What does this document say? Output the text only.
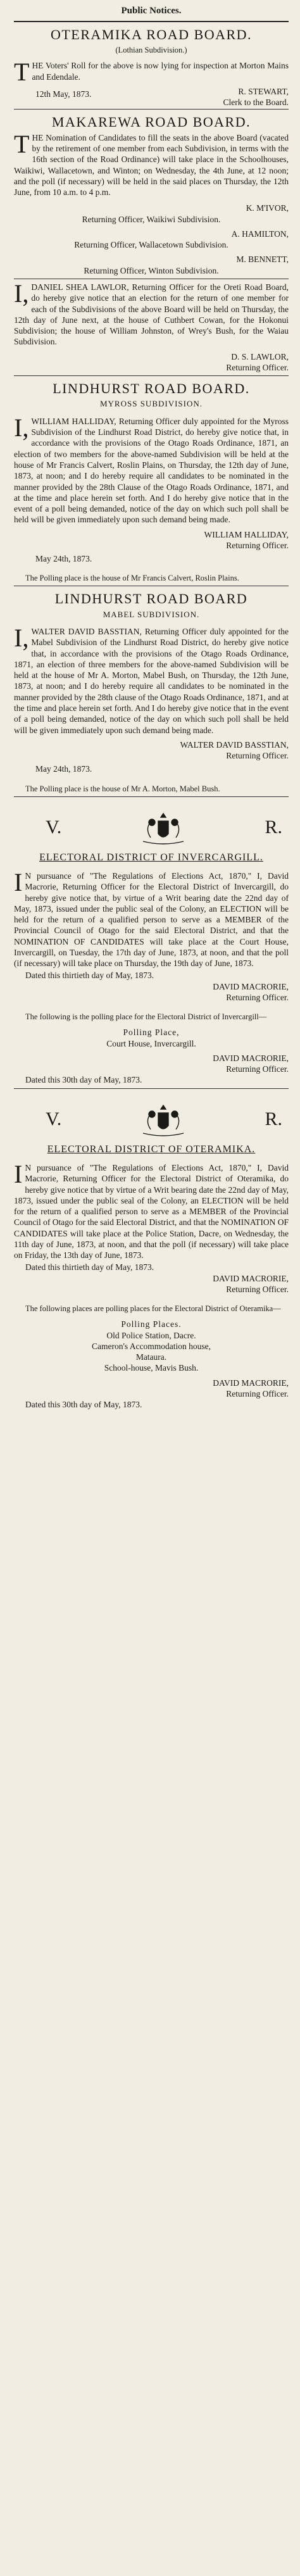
Public Notices.
OTERAMIKA ROAD BOARD.
(Lothian Subdivision.)

THE Voters' Roll for the above is now lying for inspection at Morton Mains and Edendale.

R. STEWART,
Clerk to the Board.
12th May, 1873.
MAKAREWA ROAD BOARD.

THE Nomination of Candidates to fill the seats in the above Board (vacated by the retirement of one member from each Subdivision, in terms with the 16th section of the Road Ordinance) will take place in the Schoolhouses, Waikiwi, Wallacetown, and Winton; on Wednesday, the 4th June, at 12 noon; and the poll (if necessary) will be held in the said places on Thursday, the 12th June, from 10 a.m. to 4 p.m.

K. M'IVOR,
Returning Officer, Waikiwi Subdivision.
A. HAMILTON,
Returning Officer, Wallacetown Subdivision.
M. BENNETT,
Returning Officer, Winton Subdivision.

I, DANIEL SHEA LAWLOR, Returning Officer for the Oreti Road Board, do hereby give notice that an election for the return of one member for each of the Subdivisions of the above Board will be held on Thursday, the 12th day of June next, at the house of Cuthbert Cowan, for the Hokonui Subdivision; the house of William Johnston, of Wrey's Bush, for the Waiau Subdivision.

D. S. LAWLOR,
Returning Officer.
LINDHURST ROAD BOARD.
MYROSS SUBDIVISION.

I, WILLIAM HALLIDAY, Returning Officer duly appointed for the Myross Subdivision of the Lindhurst Road District, do hereby give notice that, in accordance with the provisions of the Otago Roads Ordinance, 1871, an election of two members for the above-named Subdivision will be held at the house of Mr Francis Calvert, Roslin Plains, on Thursday, the 12th day of June, 1873, at noon; and I do hereby require all candidates to be nominated in the manner provided by the 28th Clause of the Otago Roads Ordinance, 1871, and at the time and place herein set forth. And I do hereby give notice that in the event of a poll being demanded, notice of the day on which such poll shall be held will be given immediately upon such demand being made.

WILLIAM HALLIDAY,
Returning Officer.
May 24th, 1873.

The Polling place is the house of Mr Francis Calvert, Roslin Plains.

LINDHURST ROAD BOARD
MABEL SUBDIVISION.

I, WALTER DAVID BASSTIAN, Returning Officer duly appointed for the Mabel Subdivision of the Lindhurst Road District, do hereby give notice that, in accordance with the provisions of the Otago Roads Ordinance, 1871, an election of three members for the above-named Subdivision will be held at the house of Mr A. Morton, Mabel Bush, on Thursday, the 12th June, 1873, at noon; and I do hereby require all candidates to be nominated in the manner provided by the 28th clause of the Otago Roads Ordinance, 1871, and at the time and place herein set forth. And I do hereby give notice that in the event of a poll being demanded, notice of the day on which such poll shall be held will be given immediately upon such demand being made.

WALTER DAVID BASSTIAN,
Returning Officer.
May 24th, 1873.

The Polling place is the house of Mr A. Morton, Mabel Bush.

V.	R.
ELECTORAL DISTRICT OF INVERCARGILL.

I N pursuance of "The Regulations of Elections Act, 1870," I, David Macrorie, Returning Officer for the Electoral District of Invercargill, do hereby give notice that, by virtue of a Writ bearing date the 22nd day of May, 1873, issued under the public seal of the Colony, an ELECTION will be held for the return of a qualified person to serve as a MEMBER of the Provincial Council of Otago for the said Electoral District, and that the NOMINATION OF CANDIDATES will take place at the Court House, Invercargill, on Tuesday, the 17th day of June, 1873, at noon, and that the poll (if necessary) will take place on Thursday, the 19th day of June, 1873.

Dated this thirtieth day of May, 1873.
DAVID MACRORIE,
Returning Officer.

The following is the polling place for the Electoral District of Invercargill—

Polling Place,
Court House, Invercargill.
DAVID MACRORIE,
Returning Officer.
Dated this 30th day of May, 1873.
V.	R.
ELECTORAL DISTRICT OF OTERAMIKA.

I N pursuance of "The Regulations of Elections Act, 1870," I, David Macrorie, Returning Officer for the Electoral District of Oteramika, do hereby give notice that by virtue of a Writ bearing date the 22nd day of May, 1873, issued under the public seal of the Colony, an ELECTION will be held for the return of a qualified person to serve as a MEMBER of the Provincial Council of Otago for the said Electoral District, and that the NOMINATION OF CANDIDATES will take place at the Police Station, Dacre, on Wednesday, the 11th day of June, 1873, at noon, and that the poll (if necessary) will take place on Friday, the 13th day of June, 1873.

Dated this thirtieth day of May, 1873.
DAVID MACRORIE,
Returning Officer.

The following places are polling places for the Electoral District of Oteramika—

Polling Places.
Old Police Station, Dacre.
Cameron's Accommodation house,
Mataura.
School-house, Mavis Bush.
DAVID MACRORIE,
Returning Officer.
Dated this 30th day of May, 1873.
